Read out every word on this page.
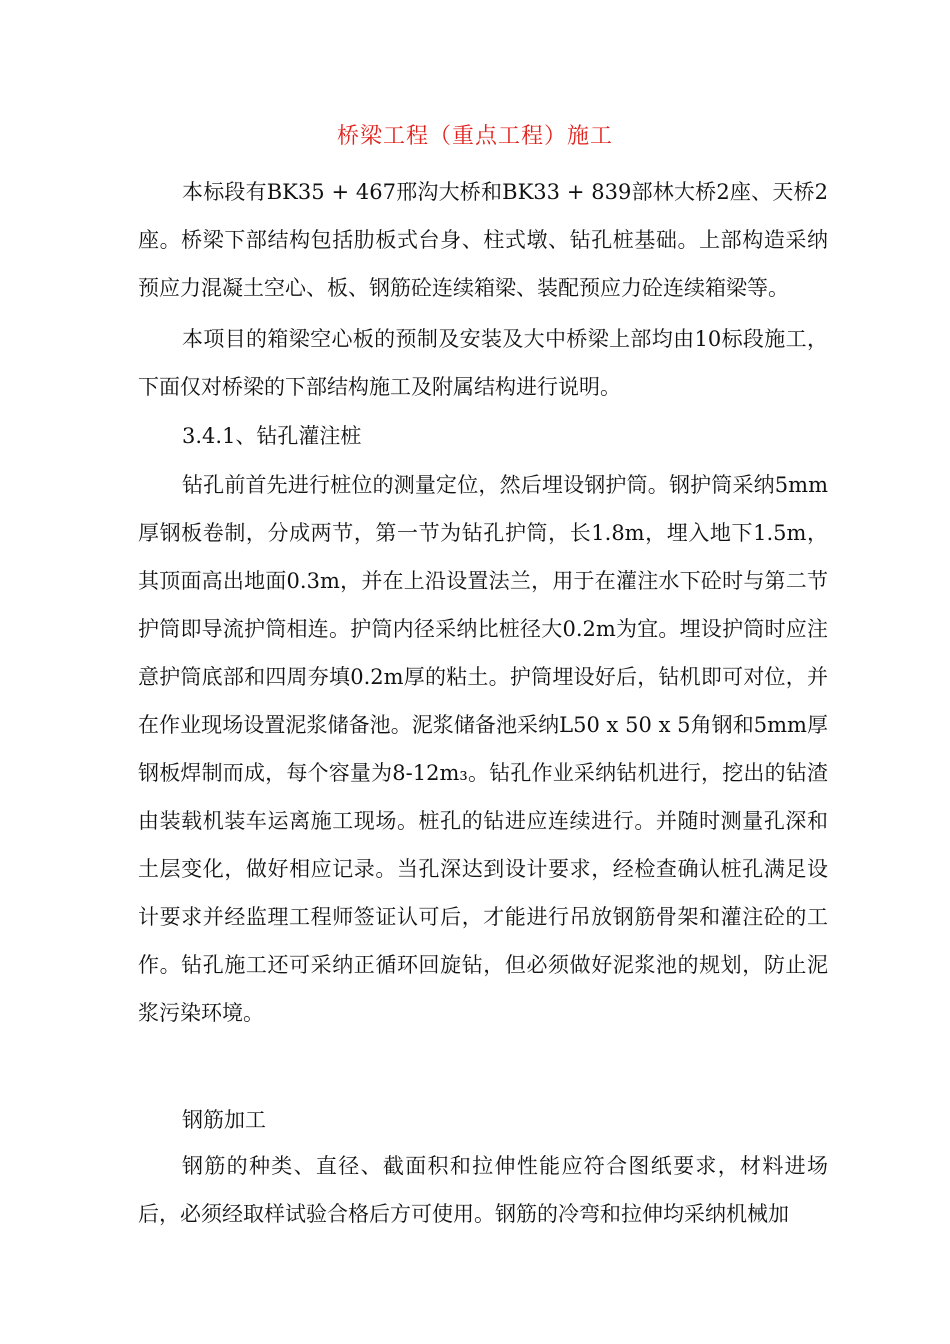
桥梁工程（重点工程）施工

本标段有BK35 + 467邢沟大桥和BK33 + 839部林大桥2座、天桥2座。桥梁下部结构包括肋板式台身、柱式墩、钻孔桩基础。上部构造采纳预应力混凝土空心、板、钢筋砼连续箱梁、装配预应力砼连续箱梁等。

本项目的箱梁空心板的预制及安装及大中桥梁上部均由10标段施工，下面仅对桥梁的下部结构施工及附属结构进行说明。

3.4.1、钻孔灌注桩

钻孔前首先进行桩位的测量定位，然后埋设钢护筒。钢护筒采纳5mm厚钢板卷制，分成两节，第一节为钻孔护筒，长1.8m，埋入地下1.5m，其顶面高出地面0.3m，并在上沿设置法兰，用于在灌注水下砼时与第二节护筒即导流护筒相连。护筒内径采纳比桩径大0.2m为宜。埋设护筒时应注意护筒底部和四周夯填0.2m厚的粘土。护筒埋设好后，钻机即可对位，并在作业现场设置泥浆储备池。泥浆储备池采纳L50 x 50 x 5角钢和5mm厚钢板焊制而成，每个容量为8-12m₃。钻孔作业采纳钻机进行，挖出的钻渣由装载机装车运离施工现场。桩孔的钻进应连续进行。并随时测量孔深和土层变化，做好相应记录。当孔深达到设计要求，经检查确认桩孔满足设计要求并经监理工程师签证认可后，才能进行吊放钢筋骨架和灌注砼的工作。钻孔施工还可采纳正循环回旋钻，但必须做好泥浆池的规划，防止泥浆污染环境。

钢筋加工

钢筋的种类、直径、截面积和拉伸性能应符合图纸要求，材料进场后，必须经取样试验合格后方可使用。钢筋的冷弯和拉伸均采纳机械加
